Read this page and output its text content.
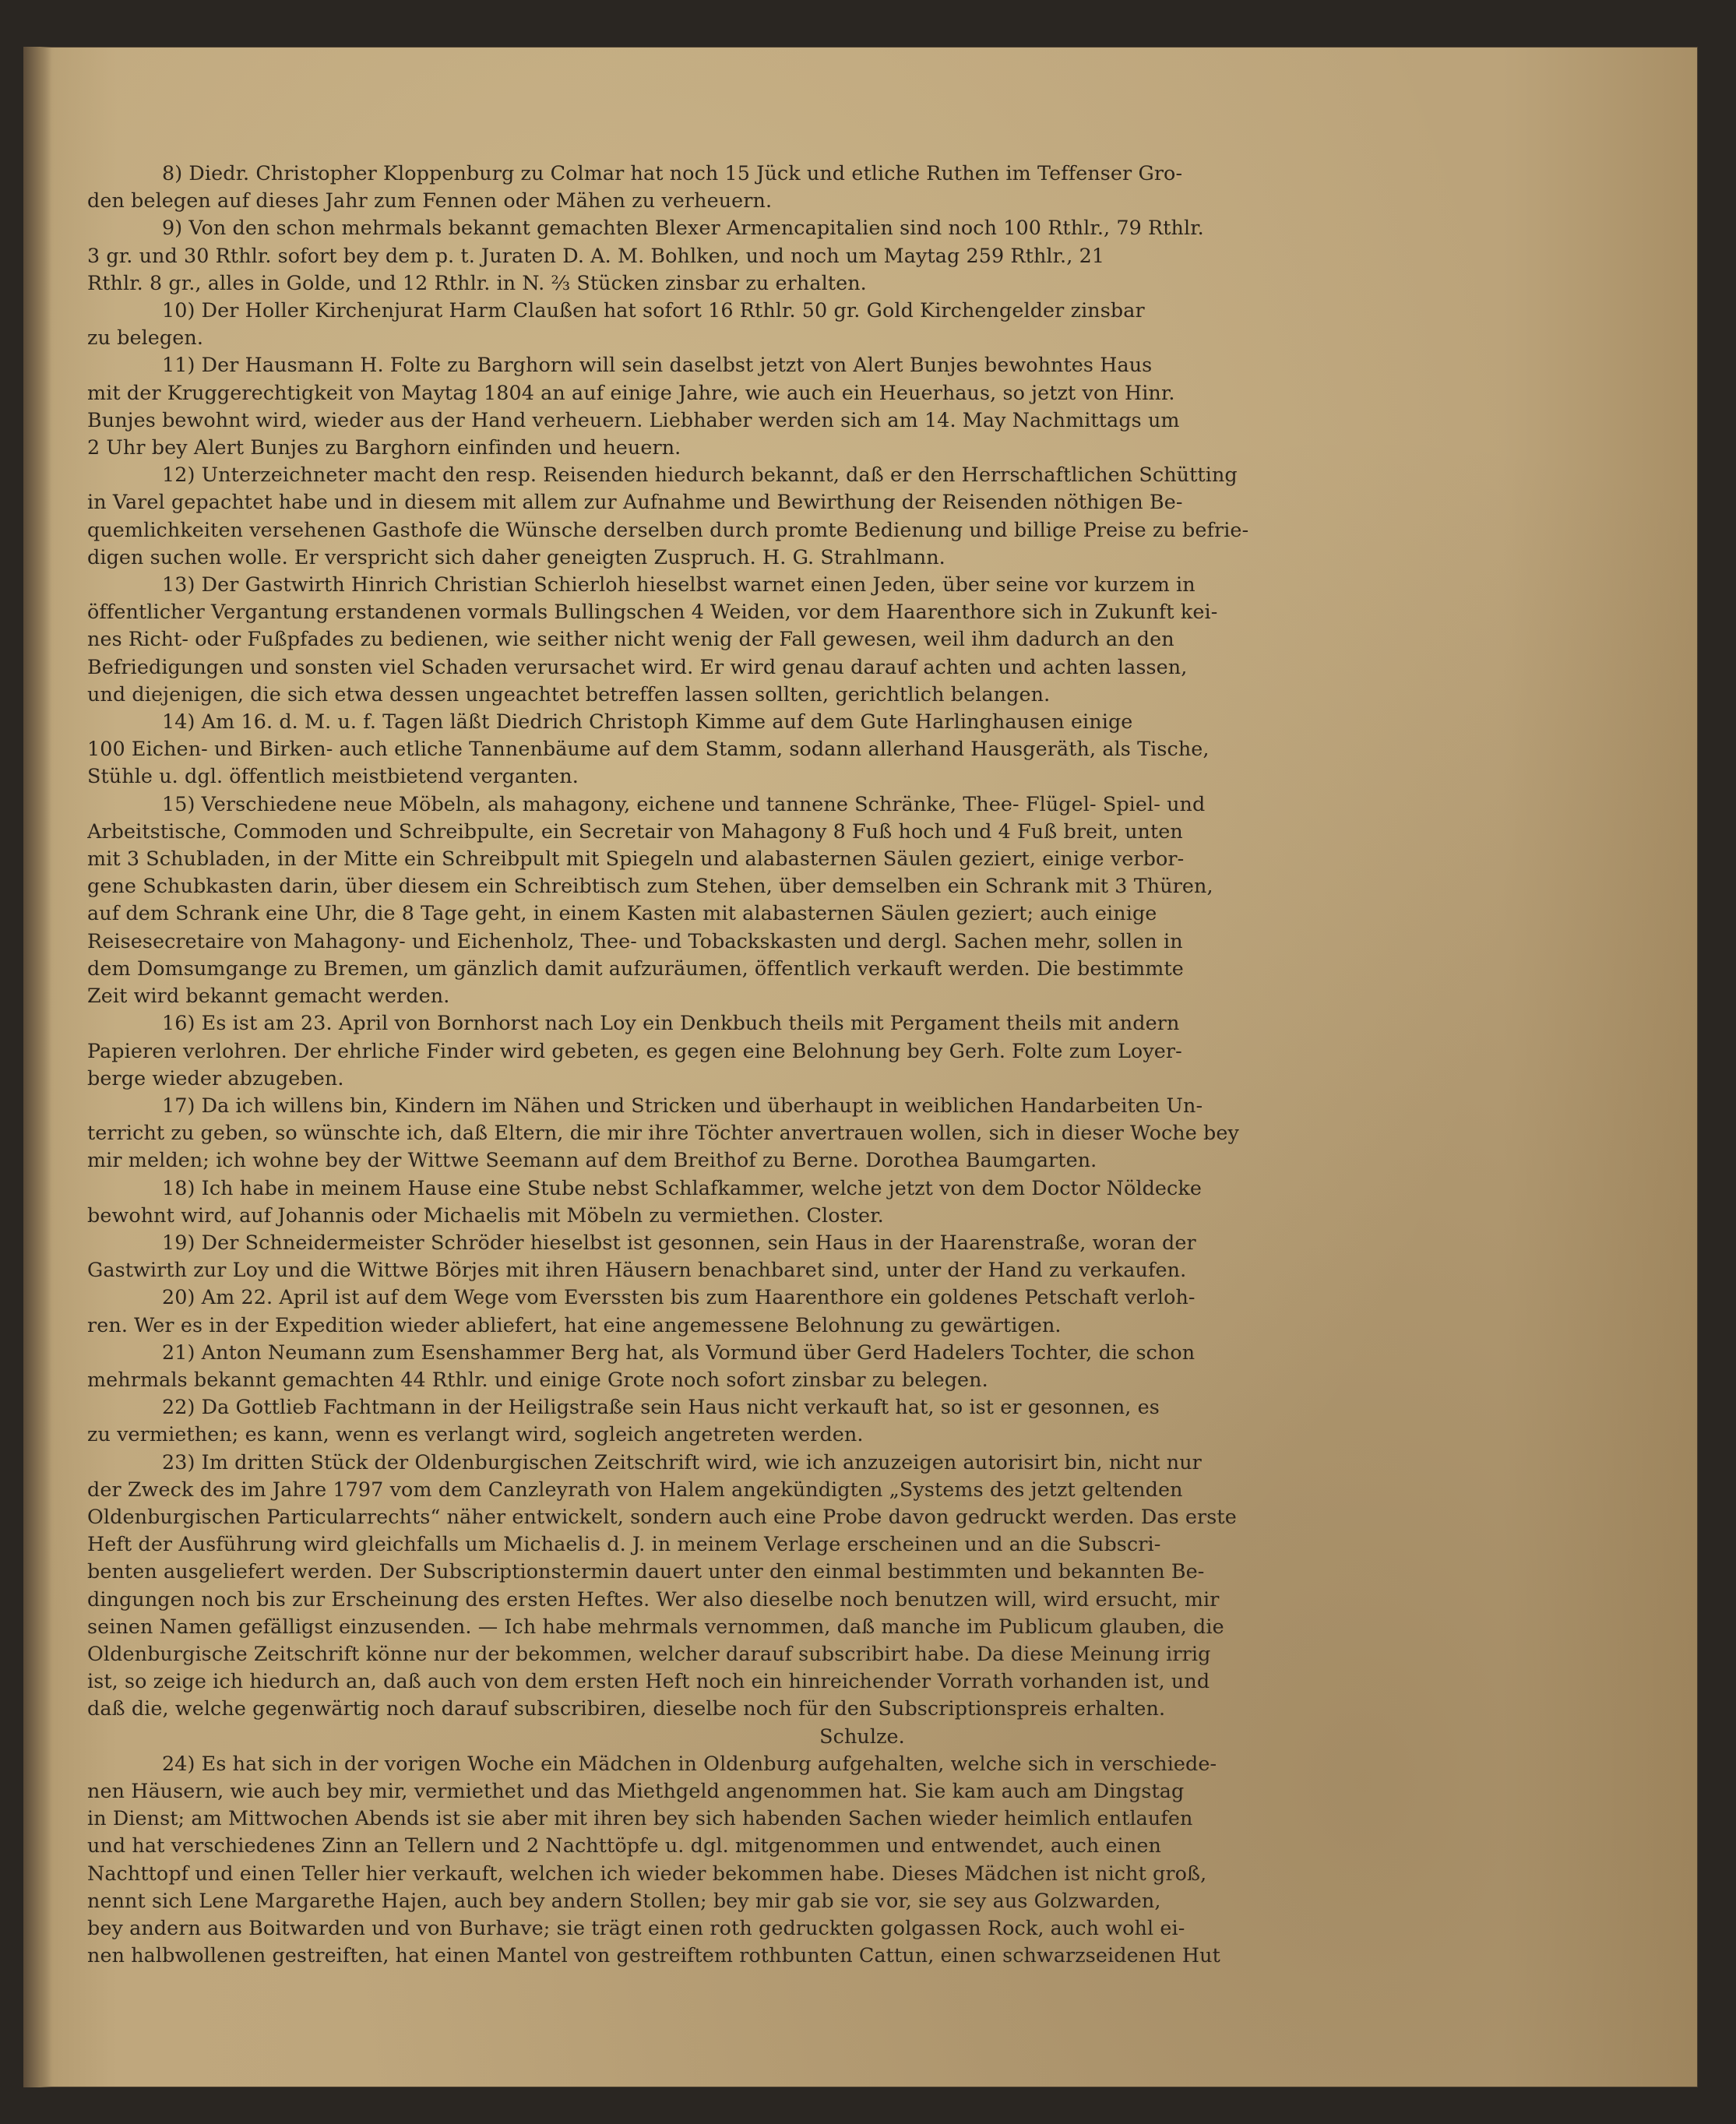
8) Diedr. Christopher Kloppenburg zu Colmar hat noch 15 Jück und etliche Ruthen im Teffenser Gro-
den belegen auf dieses Jahr zum Fennen oder Mähen zu verheuern.
9) Von den schon mehrmals bekannt gemachten Blexer Armencapitalien sind noch 100 Rthlr., 79 Rthlr.
3 gr. und 30 Rthlr. sofort bey dem p. t. Juraten D. A. M. Bohlken, und noch um Maytag 259 Rthlr., 21
Rthlr. 8 gr., alles in Golde, und 12 Rthlr. in N. ⅔ Stücken zinsbar zu erhalten.
10) Der Holler Kirchenjurat Harm Claußen hat sofort 16 Rthlr. 50 gr. Gold Kirchengelder zinsbar
zu belegen.
11) Der Hausmann H. Folte zu Barghorn will sein daselbst jetzt von Alert Bunjes bewohntes Haus
mit der Kruggerechtigkeit von Maytag 1804 an auf einige Jahre, wie auch ein Heuerhaus, so jetzt von Hinr.
Bunjes bewohnt wird, wieder aus der Hand verheuern. Liebhaber werden sich am 14. May Nachmittags um
2 Uhr bey Alert Bunjes zu Barghorn einfinden und heuern.
12) Unterzeichneter macht den resp. Reisenden hiedurch bekannt, daß er den Herrschaftlichen Schütting
in Varel gepachtet habe und in diesem mit allem zur Aufnahme und Bewirthung der Reisenden nöthigen Be-
quemlichkeiten versehenen Gasthofe die Wünsche derselben durch promte Bedienung und billige Preise zu befrie-
digen suchen wolle. Er verspricht sich daher geneigten Zuspruch. H. G. Strahlmann.
13) Der Gastwirth Hinrich Christian Schierloh hieselbst warnet einen Jeden, über seine vor kurzem in
öffentlicher Vergantung erstandenen vormals Bullingschen 4 Weiden, vor dem Haarenthore sich in Zukunft kei-
nes Richt- oder Fußpfades zu bedienen, wie seither nicht wenig der Fall gewesen, weil ihm dadurch an den
Befriedigungen und sonsten viel Schaden verursachet wird. Er wird genau darauf achten und achten lassen,
und diejenigen, die sich etwa dessen ungeachtet betreffen lassen sollten, gerichtlich belangen.
14) Am 16. d. M. u. f. Tagen läßt Diedrich Christoph Kimme auf dem Gute Harlinghausen einige
100 Eichen- und Birken- auch etliche Tannenbäume auf dem Stamm, sodann allerhand Hausgeräth, als Tische,
Stühle u. dgl. öffentlich meistbietend verganten.
15) Verschiedene neue Möbeln, als mahagony, eichene und tannene Schränke, Thee- Flügel- Spiel- und
Arbeitstische, Commoden und Schreibpulte, ein Secretair von Mahagony 8 Fuß hoch und 4 Fuß breit, unten
mit 3 Schubladen, in der Mitte ein Schreibpult mit Spiegeln und alabasternen Säulen geziert, einige verbor-
gene Schubkasten darin, über diesem ein Schreibtisch zum Stehen, über demselben ein Schrank mit 3 Thüren,
auf dem Schrank eine Uhr, die 8 Tage geht, in einem Kasten mit alabasternen Säulen geziert; auch einige
Reisesecretaire von Mahagony- und Eichenholz, Thee- und Tobackskasten und dergl. Sachen mehr, sollen in
dem Domsumgange zu Bremen, um gänzlich damit aufzuräumen, öffentlich verkauft werden. Die bestimmte
Zeit wird bekannt gemacht werden.
16) Es ist am 23. April von Bornhorst nach Loy ein Denkbuch theils mit Pergament theils mit andern
Papieren verlohren. Der ehrliche Finder wird gebeten, es gegen eine Belohnung bey Gerh. Folte zum Loyer-
berge wieder abzugeben.
17) Da ich willens bin, Kindern im Nähen und Stricken und überhaupt in weiblichen Handarbeiten Un-
terricht zu geben, so wünschte ich, daß Eltern, die mir ihre Töchter anvertrauen wollen, sich in dieser Woche bey
mir melden; ich wohne bey der Wittwe Seemann auf dem Breithof zu Berne. Dorothea Baumgarten.
18) Ich habe in meinem Hause eine Stube nebst Schlafkammer, welche jetzt von dem Doctor Nöldecke
bewohnt wird, auf Johannis oder Michaelis mit Möbeln zu vermiethen. Closter.
19) Der Schneidermeister Schröder hieselbst ist gesonnen, sein Haus in der Haarenstraße, woran der
Gastwirth zur Loy und die Wittwe Börjes mit ihren Häusern benachbaret sind, unter der Hand zu verkaufen.
20) Am 22. April ist auf dem Wege vom Everssten bis zum Haarenthore ein goldenes Petschaft verloh-
ren. Wer es in der Expedition wieder abliefert, hat eine angemessene Belohnung zu gewärtigen.
21) Anton Neumann zum Esenshammer Berg hat, als Vormund über Gerd Hadelers Tochter, die schon
mehrmals bekannt gemachten 44 Rthlr. und einige Grote noch sofort zinsbar zu belegen.
22) Da Gottlieb Fachtmann in der Heiligstraße sein Haus nicht verkauft hat, so ist er gesonnen, es
zu vermiethen; es kann, wenn es verlangt wird, sogleich angetreten werden.
23) Im dritten Stück der Oldenburgischen Zeitschrift wird, wie ich anzuzeigen autorisirt bin, nicht nur
der Zweck des im Jahre 1797 vom dem Canzleyrath von Halem angekündigten „Systems des jetzt geltenden
Oldenburgischen Particularrechts“ näher entwickelt, sondern auch eine Probe davon gedruckt werden. Das erste
Heft der Ausführung wird gleichfalls um Michaelis d. J. in meinem Verlage erscheinen und an die Subscri-
benten ausgeliefert werden. Der Subscriptionstermin dauert unter den einmal bestimmten und bekannten Be-
dingungen noch bis zur Erscheinung des ersten Heftes. Wer also dieselbe noch benutzen will, wird ersucht, mir
seinen Namen gefälligst einzusenden. — Ich habe mehrmals vernommen, daß manche im Publicum glauben, die
Oldenburgische Zeitschrift könne nur der bekommen, welcher darauf subscribirt habe. Da diese Meinung irrig
ist, so zeige ich hiedurch an, daß auch von dem ersten Heft noch ein hinreichender Vorrath vorhanden ist, und
daß die, welche gegenwärtig noch darauf subscribiren, dieselbe noch für den Subscriptionspreis erhalten.
Schulze.
24) Es hat sich in der vorigen Woche ein Mädchen in Oldenburg aufgehalten, welche sich in verschiede-
nen Häusern, wie auch bey mir, vermiethet und das Miethgeld angenommen hat. Sie kam auch am Dingstag
in Dienst; am Mittwochen Abends ist sie aber mit ihren bey sich habenden Sachen wieder heimlich entlaufen
und hat verschiedenes Zinn an Tellern und 2 Nachttöpfe u. dgl. mitgenommen und entwendet, auch einen
Nachttopf und einen Teller hier verkauft, welchen ich wieder bekommen habe. Dieses Mädchen ist nicht groß,
nennt sich Lene Margarethe Hajen, auch bey andern Stollen; bey mir gab sie vor, sie sey aus Golzwarden,
bey andern aus Boitwarden und von Burhave; sie trägt einen roth gedruckten golgassen Rock, auch wohl ei-
nen halbwollenen gestreiften, hat einen Mantel von gestreiftem rothbunten Cattun, einen schwarzseidenen Hut
